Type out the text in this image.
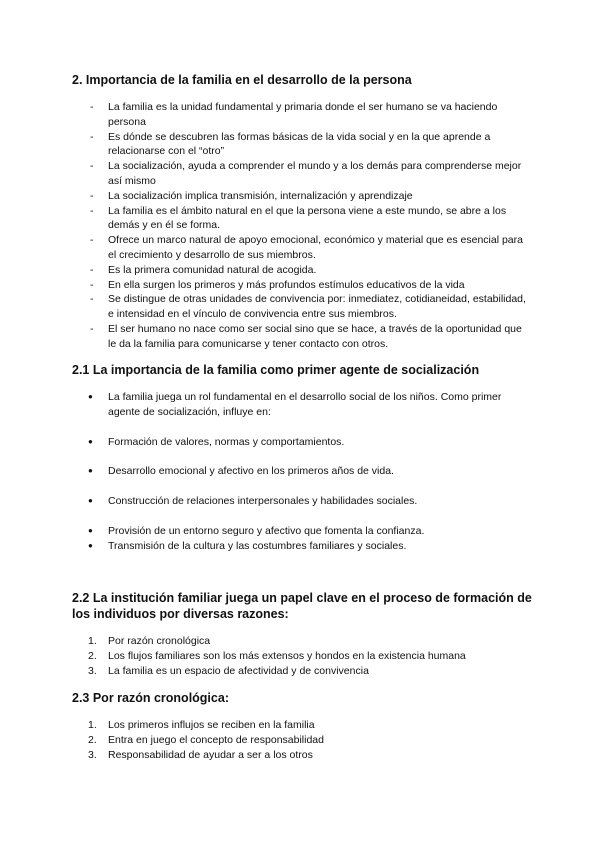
2. Importancia de la familia en el desarrollo de la persona
- La familia es la unidad fundamental y primaria donde el ser humano se va haciendo persona
- Es dónde se descubren las formas básicas de la vida social y en la que aprende a relacionarse con el “otro”
- La socialización, ayuda a comprender el mundo y a los demás para comprenderse mejor así mismo
- La socialización implica transmisión, internalización y aprendizaje
- La familia es el ámbito natural en el que la persona viene a este mundo, se abre a los demás y en él se forma.
- Ofrece un marco natural de apoyo emocional, económico y material que es esencial para el crecimiento y desarrollo de sus miembros.
- Es la primera comunidad natural de acogida.
- En ella surgen los primeros y más profundos estímulos educativos de la vida
- Se distingue de otras unidades de convivencia por: inmediatez, cotidianeidad, estabilidad, e intensidad en el vínculo de convivencia entre sus miembros.
- El ser humano no nace como ser social sino que se hace, a través de la oportunidad que le da la familia para comunicarse y tener contacto con otros.
2.1 La importancia de la familia como primer agente de socialización
● La familia juega un rol fundamental en el desarrollo social de los niños. Como primer agente de socialización, influye en:
● Formación de valores, normas y comportamientos.
● Desarrollo emocional y afectivo en los primeros años de vida.
● Construcción de relaciones interpersonales y habilidades sociales.
● Provisión de un entorno seguro y afectivo que fomenta la confianza.
● Transmisión de la cultura y las costumbres familiares y sociales.
2.2 La institución familiar juega un papel clave en el proceso de formación de los individuos por diversas razones:
1. Por razón cronológica
2. Los flujos familiares son los más extensos y hondos en la existencia humana
3. La familia es un espacio de afectividad y de convivencia
2.3 Por razón cronológica:
1. Los primeros influjos se reciben en la familia
2. Entra en juego el concepto de responsabilidad
3. Responsabilidad de ayudar a ser a los otros
